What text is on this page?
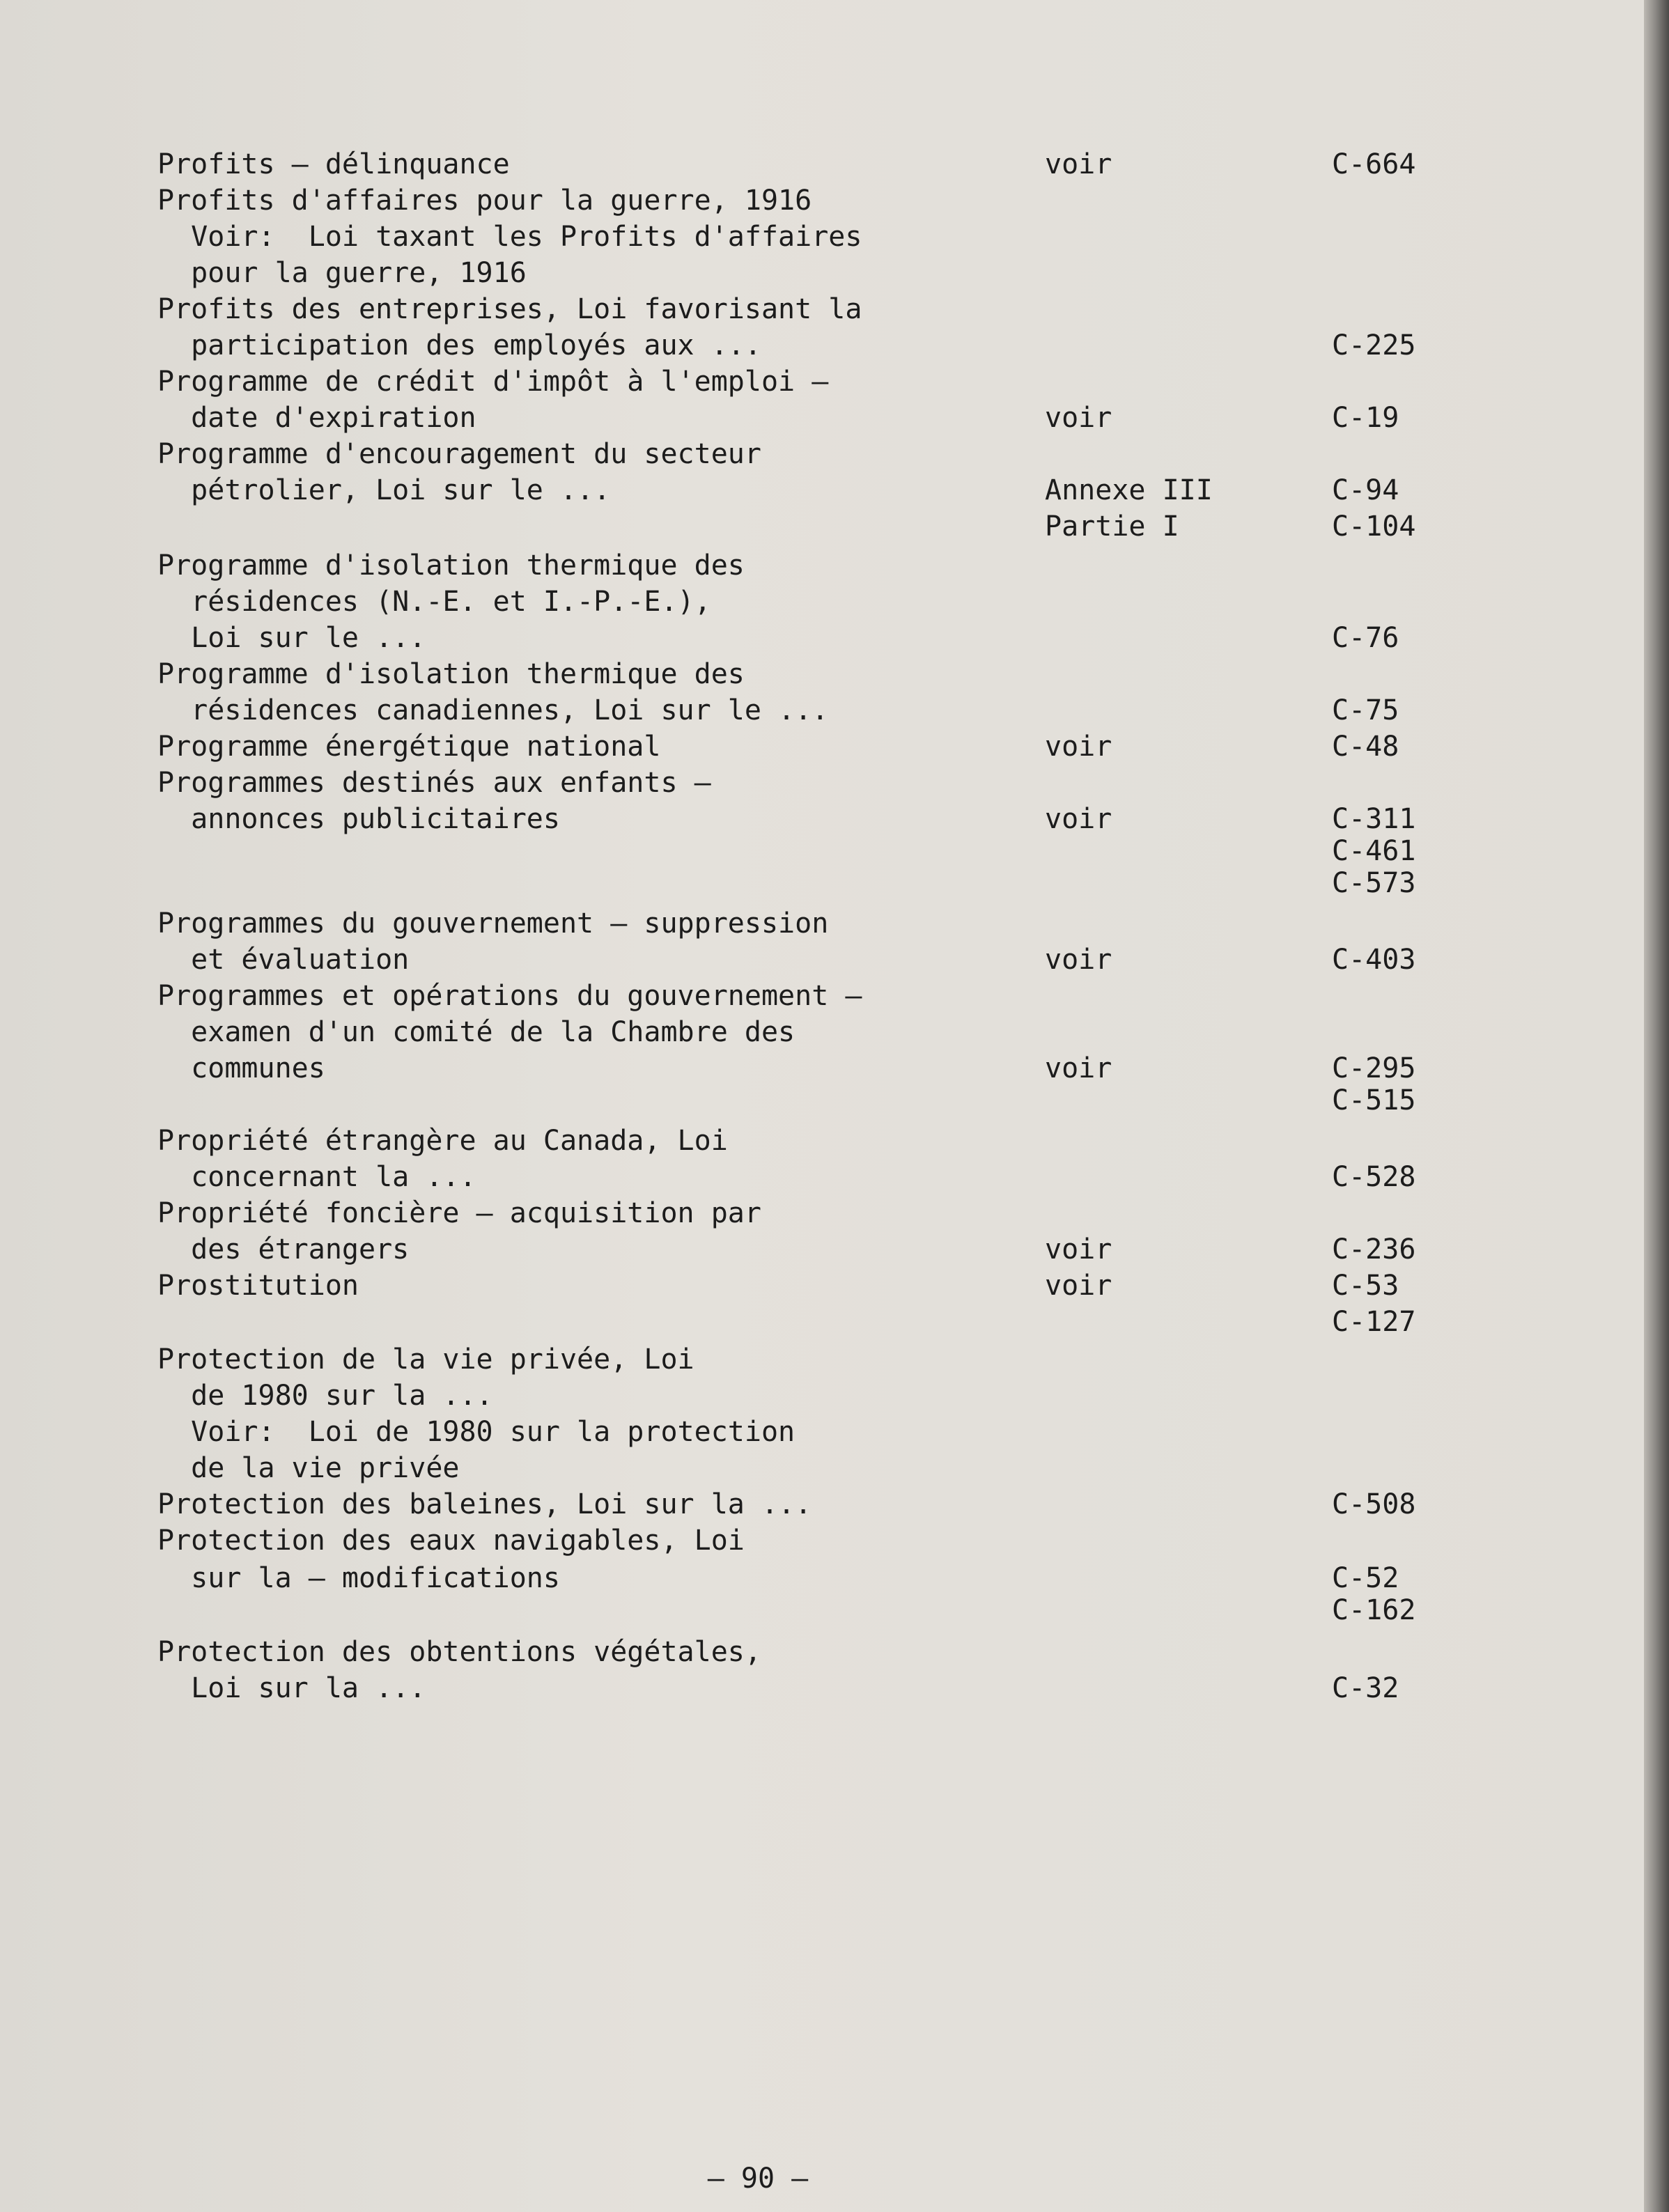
Profits – délinquance	voir	C-664
Profits d'affaires pour la guerre, 1916
Voir:  Loi taxant les Profits d'affaires
pour la guerre, 1916
Profits des entreprises, Loi favorisant la
participation des employés aux ...	C-225
Programme de crédit d'impôt à l'emploi –
date d'expiration	voir	C-19
Programme d'encouragement du secteur
pétrolier, Loi sur le ...	Annexe III	C-94
Partie I	C-104
Programme d'isolation thermique des
résidences (N.-E. et I.-P.-E.),
Loi sur le ...	C-76
Programme d'isolation thermique des
résidences canadiennes, Loi sur le ...	C-75
Programme énergétique national	voir	C-48
Programmes destinés aux enfants –
annonces publicitaires	voir	C-311
C-461
C-573
Programmes du gouvernement – suppression
et évaluation	voir	C-403
Programmes et opérations du gouvernement –
examen d'un comité de la Chambre des
communes	voir	C-295
C-515
Propriété étrangère au Canada, Loi
concernant la ...	C-528
Propriété foncière – acquisition par
des étrangers	voir	C-236
Prostitution	voir	C-53
C-127
Protection de la vie privée, Loi
de 1980 sur la ...
Voir:  Loi de 1980 sur la protection
de la vie privée
Protection des baleines, Loi sur la ...	C-508
Protection des eaux navigables, Loi
sur la – modifications	C-52
C-162
Protection des obtentions végétales,
Loi sur la ...	C-32
– 90 –
